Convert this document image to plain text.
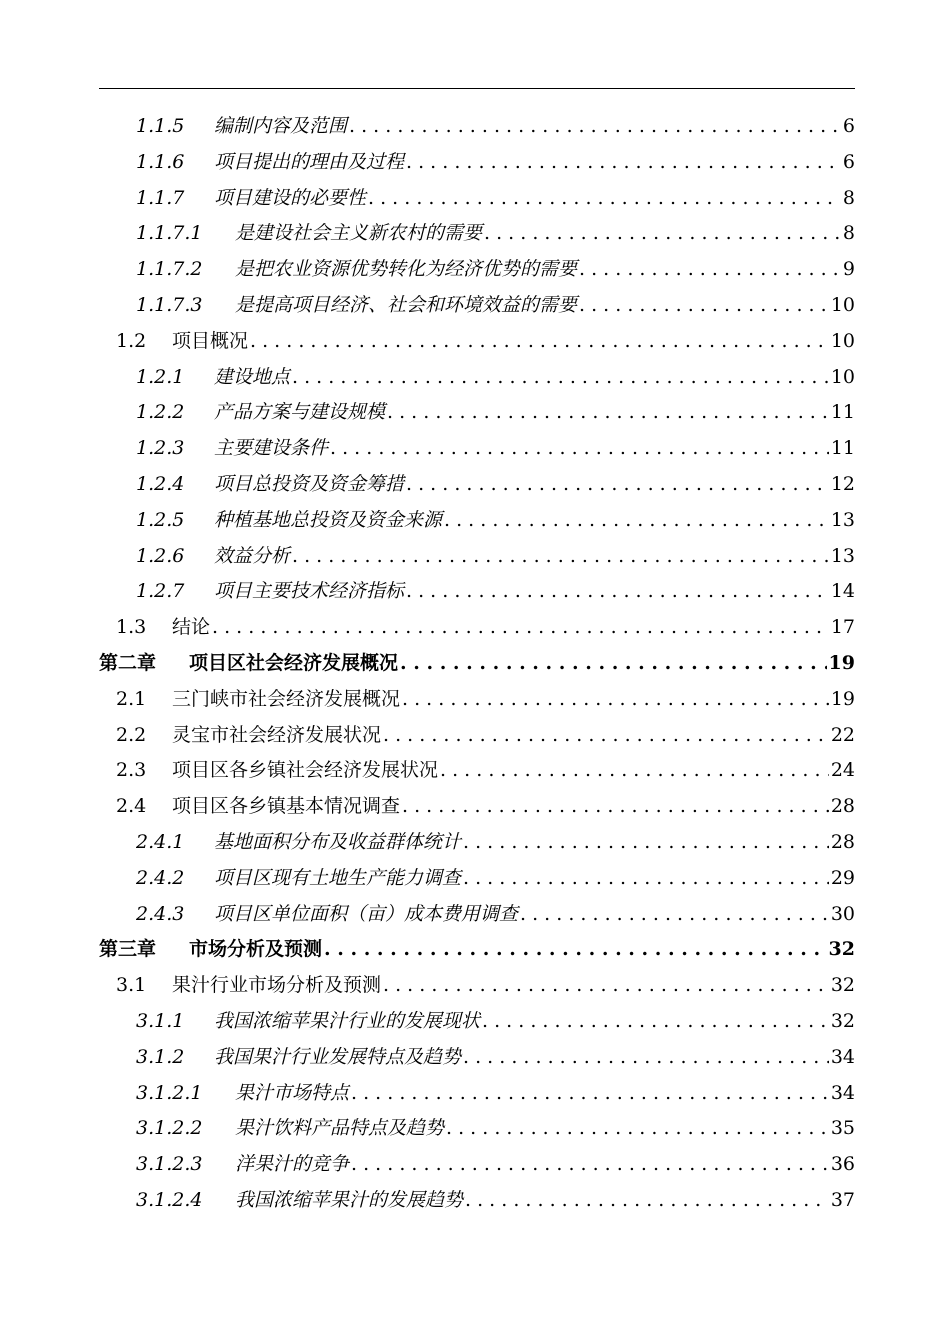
1.1.5	编制内容及范围 . . .	6
1.1.6	项目提出的理由及过程 . . .	6
1.1.7	项目建设的必要性 . . .	8
1.1.7.1	是建设社会主义新农村的需要 . . .	8
1.1.7.2	是把农业资源优势转化为经济优势的需要 . . .	9
1.1.7.3	是提高项目经济、社会和环境效益的需要 . . .	10
1.2	项目概况 . . .	10
1.2.1	建设地点 . . .	10
1.2.2	产品方案与建设规模 . . .	11
1.2.3	主要建设条件 . . .	11
1.2.4	项目总投资及资金筹措 . . .	12
1.2.5	种植基地总投资及资金来源 . . .	13
1.2.6	效益分析 . . .	13
1.2.7	项目主要技术经济指标 . . .	14
1.3	结论 . . .	17
第二章	项目区社会经济发展概况 . . .	19
2.1	三门峡市社会经济发展概况 . . .	19
2.2	灵宝市社会经济发展状况 . . .	22
2.3	项目区各乡镇社会经济发展状况 . . .	24
2.4	项目区各乡镇基本情况调查 . . .	28
2.4.1	基地面积分布及收益群体统计 . . .	28
2.4.2	项目区现有土地生产能力调查 . . .	29
2.4.3	项目区单位面积（亩）成本费用调查 . . .	30
第三章	市场分析及预测 . . .	32
3.1	果汁行业市场分析及预测 . . .	32
3.1.1	我国浓缩苹果汁行业的发展现状 . . .	32
3.1.2	我国果汁行业发展特点及趋势 . . .	34
3.1.2.1	果汁市场特点 . . .	34
3.1.2.2	果汁饮料产品特点及趋势 . . .	35
3.1.2.3	洋果汁的竞争 . . .	36
3.1.2.4	我国浓缩苹果汁的发展趋势 . . .	37
